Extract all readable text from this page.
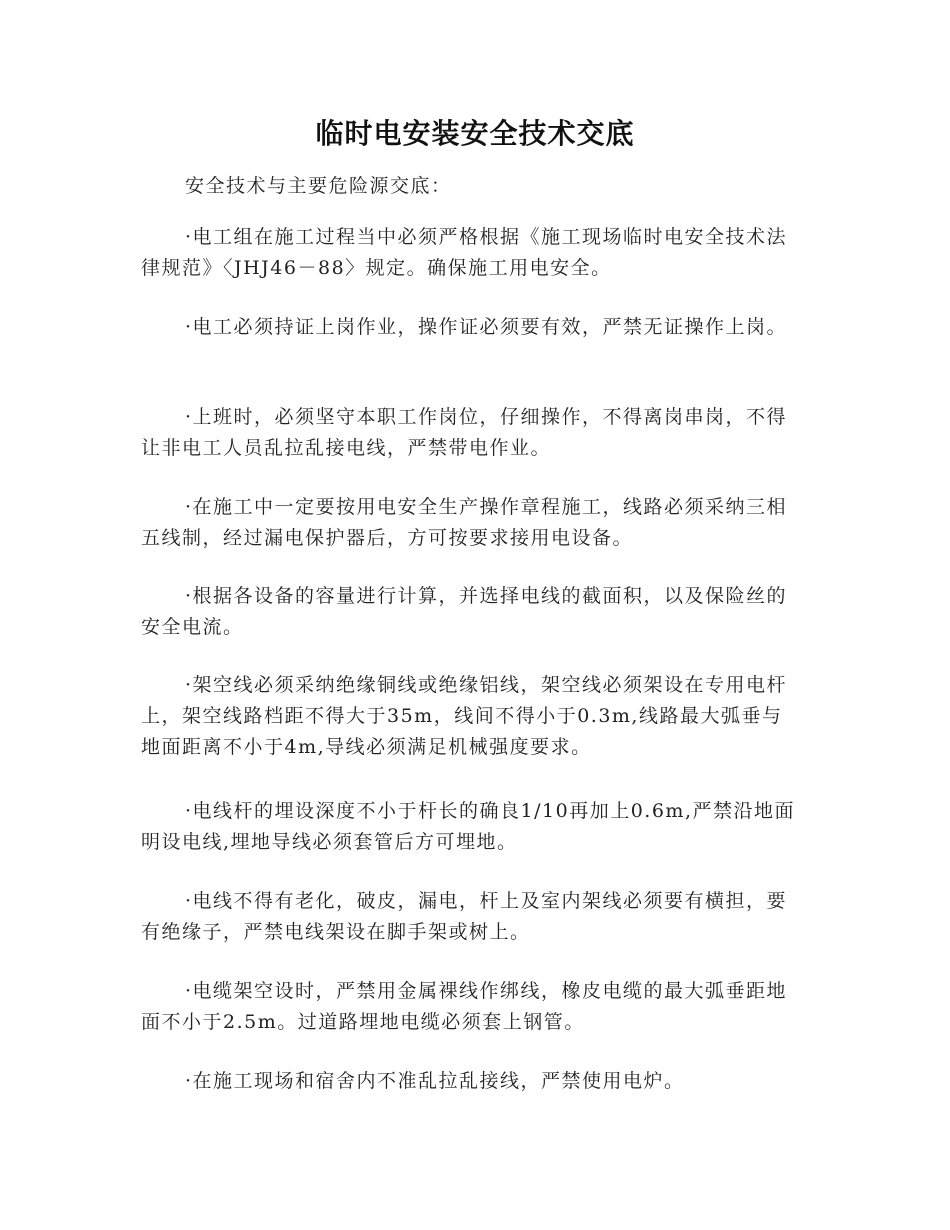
临时电安装安全技术交底
安全技术与主要危险源交底：
·电工组在施工过程当中必须严格根据《施工现场临时电安全技术法律规范》〈JHJ46－88〉规定。确保施工用电安全。
·电工必须持证上岗作业，操作证必须要有效，严禁无证操作上岗。
·上班时，必须坚守本职工作岗位，仔细操作，不得离岗串岗，不得让非电工人员乱拉乱接电线，严禁带电作业。
·在施工中一定要按用电安全生产操作章程施工，线路必须采纳三相五线制，经过漏电保护器后，方可按要求接用电设备。
·根据各设备的容量进行计算，并选择电线的截面积，以及保险丝的安全电流。
·架空线必须采纳绝缘铜线或绝缘铝线，架空线必须架设在专用电杆上，架空线路档距不得大于35m，线间不得小于0.3m,线路最大弧垂与地面距离不小于4m,导线必须满足机械强度要求。
·电线杆的埋设深度不小于杆长的确良1/10再加上0.6m,严禁沿地面明设电线,埋地导线必须套管后方可埋地。
·电线不得有老化，破皮，漏电，杆上及室内架线必须要有横担，要有绝缘子，严禁电线架设在脚手架或树上。
·电缆架空设时，严禁用金属裸线作绑线，橡皮电缆的最大弧垂距地面不小于2.5m。过道路埋地电缆必须套上钢管。
·在施工现场和宿舍内不准乱拉乱接线，严禁使用电炉。
